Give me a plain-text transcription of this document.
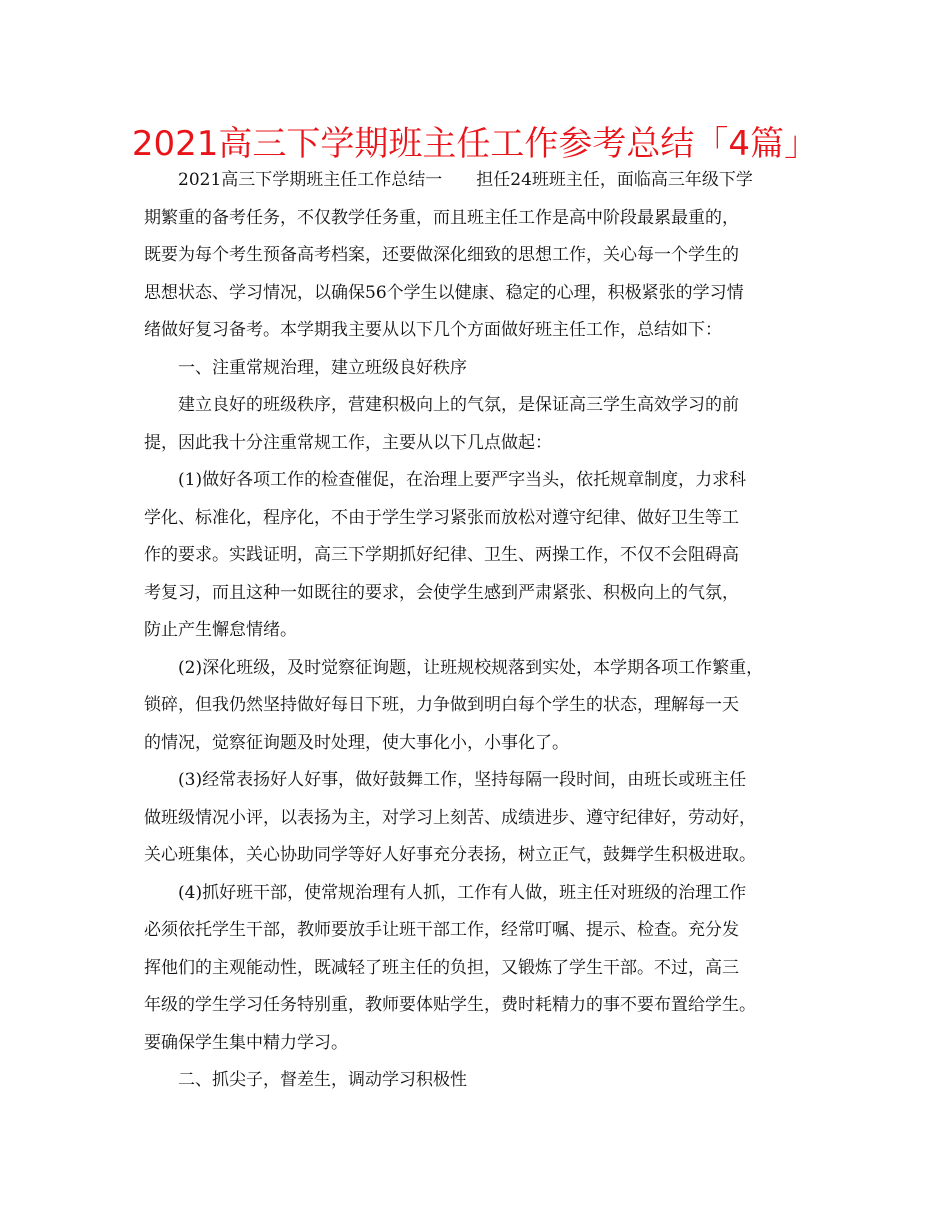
2021高三下学期班主任工作参考总结「4篇」
2021高三下学期班主任工作总结一　　担任24班班主任，面临高三年级下学
期繁重的备考任务，不仅教学任务重，而且班主任工作是高中阶段最累最重的，
既要为每个考生预备高考档案，还要做深化细致的思想工作，关心每一个学生的
思想状态、学习情况，以确保56个学生以健康、稳定的心理，积极紧张的学习情
绪做好复习备考。本学期我主要从以下几个方面做好班主任工作，总结如下：
一、注重常规治理，建立班级良好秩序
建立良好的班级秩序，营建积极向上的气氛，是保证高三学生高效学习的前
提，因此我十分注重常规工作，主要从以下几点做起：
(1)做好各项工作的检查催促，在治理上要严字当头，依托规章制度，力求科
学化、标准化，程序化，不由于学生学习紧张而放松对遵守纪律、做好卫生等工
作的要求。实践证明，高三下学期抓好纪律、卫生、两操工作，不仅不会阻碍高
考复习，而且这种一如既往的要求，会使学生感到严肃紧张、积极向上的气氛，
防止产生懈怠情绪。
(2)深化班级，及时觉察征询题，让班规校规落到实处，本学期各项工作繁重，
锁碎，但我仍然坚持做好每日下班，力争做到明白每个学生的状态，理解每一天
的情况，觉察征询题及时处理，使大事化小，小事化了。
(3)经常表扬好人好事，做好鼓舞工作，坚持每隔一段时间，由班长或班主任
做班级情况小评，以表扬为主，对学习上刻苦、成绩进步、遵守纪律好，劳动好，
关心班集体，关心协助同学等好人好事充分表扬，树立正气，鼓舞学生积极进取。
(4)抓好班干部，使常规治理有人抓，工作有人做，班主任对班级的治理工作
必须依托学生干部，教师要放手让班干部工作，经常叮嘱、提示、检查。充分发
挥他们的主观能动性，既减轻了班主任的负担，又锻炼了学生干部。不过，高三
年级的学生学习任务特别重，教师要体贴学生，费时耗精力的事不要布置给学生。
要确保学生集中精力学习。
二、抓尖子，督差生，调动学习积极性
